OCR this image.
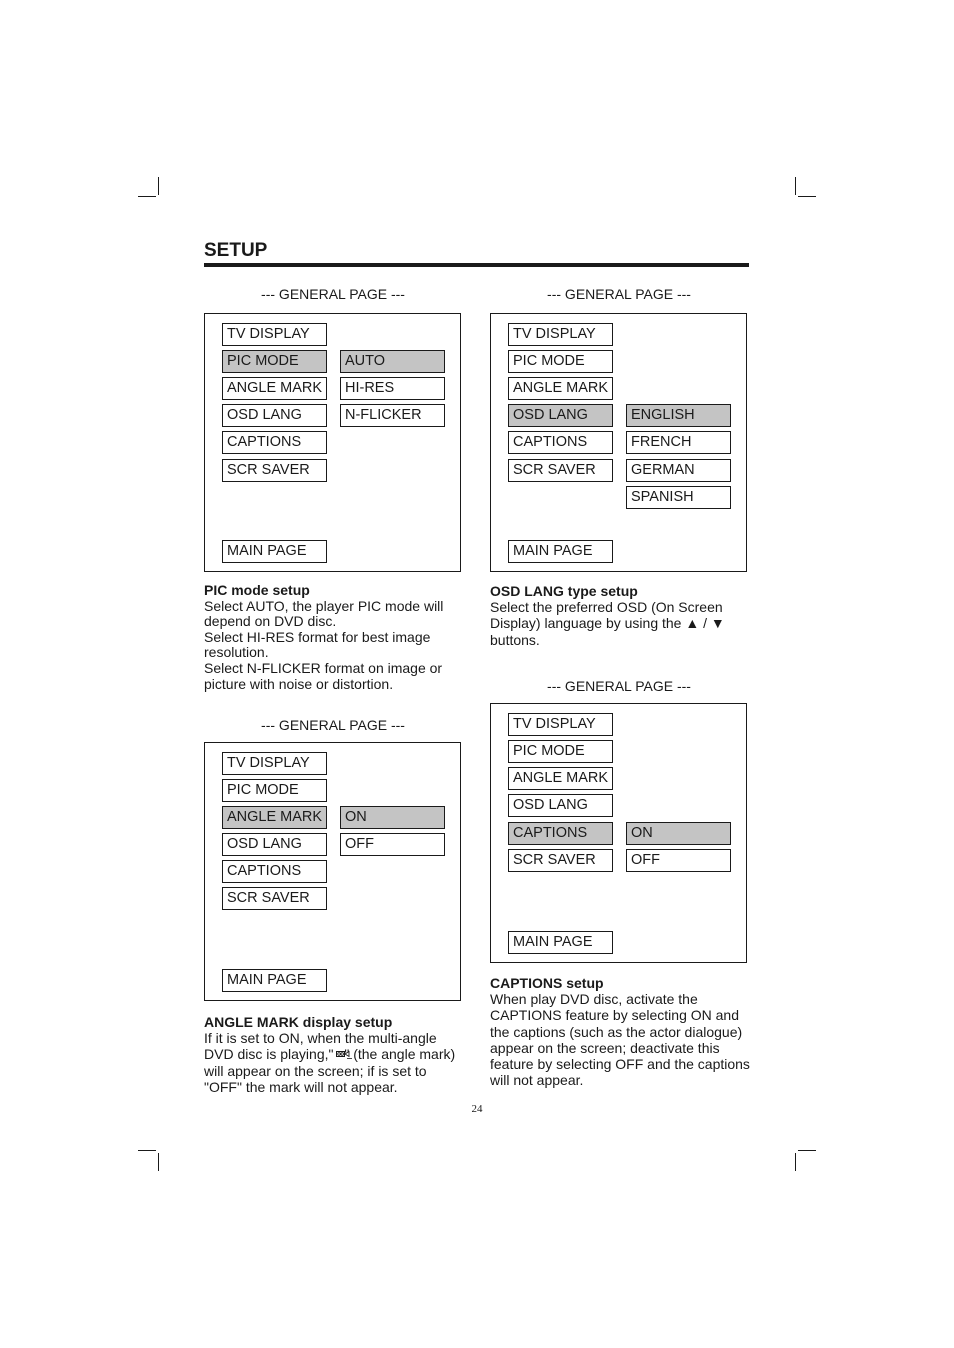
SETUP
--- GENERAL PAGE ---	--- GENERAL PAGE ---
--- GENERAL PAGE ---
--- GENERAL PAGE ---
TV DISPLAY
PIC MODE
ANGLE MARK
OSD LANG
CAPTIONS
SCR SAVER
AUTO
HI-RES
N-FLICKER
MAIN PAGE
TV DISPLAY
PIC MODE
ANGLE MARK
OSD LANG
CAPTIONS
SCR SAVER
ENGLISH
FRENCH
GERMAN
SPANISH
MAIN PAGE
TV DISPLAY
PIC MODE
ANGLE MARK
OSD LANG
CAPTIONS
SCR SAVER
ON
OFF
MAIN PAGE
TV DISPLAY
PIC MODE
ANGLE MARK
OSD LANG
CAPTIONS
SCR SAVER
ON
OFF
MAIN PAGE
PIC mode setup
Select AUTO, the player PIC mode will
depend on DVD disc.
Select HI-RES format for best image
resolution.
Select N-FLICKER format on image or
picture with noise or distortion.
OSD LANG type setup
Select the preferred OSD (On Screen
Display) language by using the ▲ / ▼
buttons.
ANGLE MARK display setup
If it is set to ON, when the multi-angle
DVD disc is playing,"  " (the angle mark)
will appear on the screen; if is set to
"OFF" the mark will not appear.
CAPTIONS setup
When play DVD disc, activate the
CAPTIONS feature by selecting ON and
the captions (such as the actor dialogue)
appear on the screen; deactivate this
feature by selecting OFF and the captions
will not appear.
24
